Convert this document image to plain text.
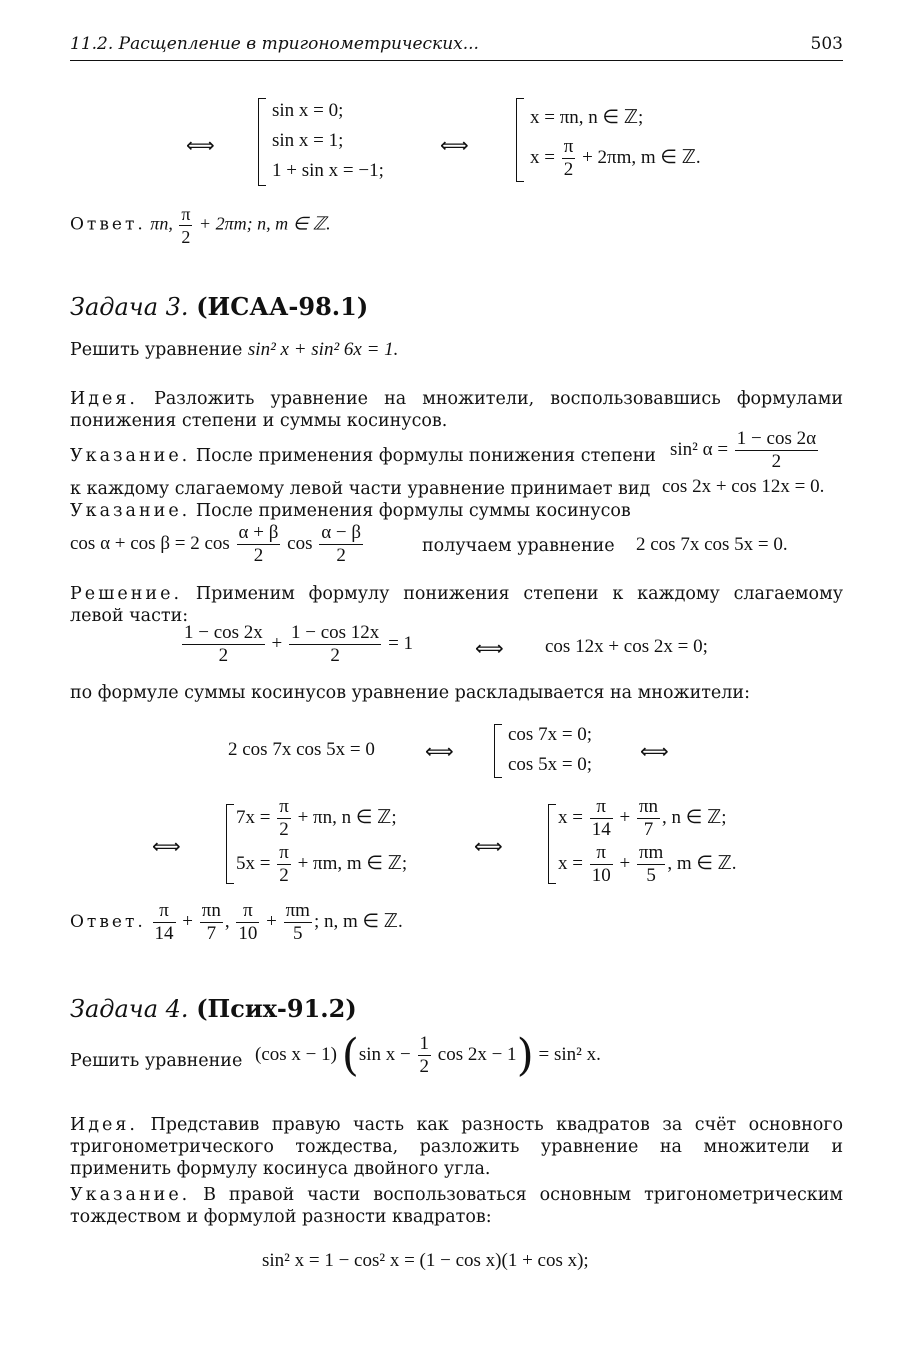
11.2. Расщепление в тригонометрических...	503
⟺
sin x = 0;
sin x = 1;
1 + sin x = −1;
⟺
x = πn, n ∈ ℤ;
$x = \frac{\pi}{2} + 2\pi m$, m ∈ ℤ.
Ответ. πn, $\frac{\pi}{2} + 2\pi m$; n, m ∈ ℤ.
Задача 3. (ИСАА-98.1)
Решить уравнение sin² x + sin² 6x = 1.
Идея. Разложить уравнение на множители, воспользовавшись формулами понижения степени и суммы косинусов.
Указание. После применения формулы понижения степени sin² $\alpha = \frac{1 - \cos 2\alpha}{2}$
к каждому слагаемому левой части уравнение принимает вид cos 2x + cos 12x = 0.
Указание. После применения формулы суммы косинусов
cos α + cos β = 2 $\cos \frac{\alpha + \beta}{2}$ $\cos \frac{\alpha - \beta}{2}$	получаем уравнение 2 cos 7x cos 5x = 0.
Решение. Применим формулу понижения степени к каждому слагаемому левой части:
$\frac{1 - \cos 2x}{2} + \frac{1 - \cos 12x}{2} = 1$	⟺ cos 12x + cos 2x = 0;
по формуле суммы косинусов уравнение раскладывается на множители:
2 cos 7x cos 5x = 0	⟺
cos 7x = 0;
cos 5x = 0;
⟺
⟺
$7x = \frac{\pi}{2} + \pi n$, n ∈ ℤ;
$5x = \frac{\pi}{2} + \pi m$, m ∈ ℤ;
⟺
$x = \frac{\pi}{14} + \frac{\pi n}{7}$ , n ∈ ℤ;
$x = \frac{\pi}{10} + \frac{\pi m}{5}$ , m ∈ ℤ.
Ответ. $\frac{\pi}{14} + \frac{\pi n}{7}$ , $\frac{\pi}{10} + \frac{\pi m}{5}$ ; n, m ∈ ℤ.
Задача 4. (Псих-91.2)
Решить уравнение (cos x − 1) (sin $x - \frac{1}{2}$ cos 2x − 1) = sin² x.
Идея. Представив правую часть как разность квадратов за счёт основного тригонометрического тождества, разложить уравнение на множители и применить формулу косинуса двойного угла.
Указание. В правой части воспользоваться основным тригонометрическим тождеством и формулой разности квадратов:
sin² x = 1 − cos² x = (1 − cos x)(1 + cos x);
